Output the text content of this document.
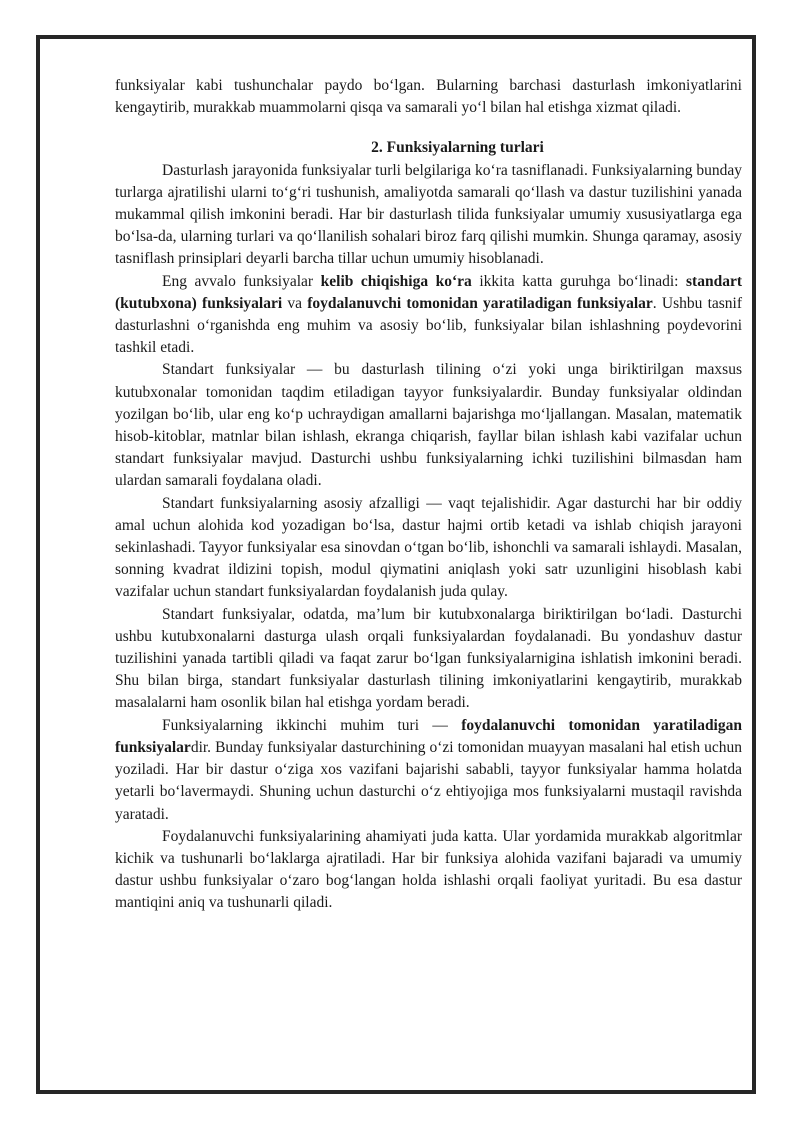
funksiyalar kabi tushunchalar paydo bo‘lgan. Bularning barchasi dasturlash imkoniyatlarini kengaytirib, murakkab muammolarni qisqa va samarali yo‘l bilan hal etishga xizmat qiladi.

2. Funksiyalarning turlari

Dasturlash jarayonida funksiyalar turli belgilariga ko‘ra tasniflanadi. Funksiyalarning bunday turlarga ajratilishi ularni to‘g‘ri tushunish, amaliyotda samarali qo‘llash va dastur tuzilishini yanada mukammal qilish imkonini beradi. Har bir dasturlash tilida funksiyalar umumiy xususiyatlarga ega bo‘lsa-da, ularning turlari va qo‘llanilish sohalari biroz farq qilishi mumkin. Shunga qaramay, asosiy tasniflash prinsiplari deyarli barcha tillar uchun umumiy hisoblanadi.

Eng avvalo funksiyalar kelib chiqishiga ko‘ra ikkita katta guruhga bo‘linadi: standart (kutubxona) funksiyalari va foydalanuvchi tomonidan yaratiladigan funksiyalar. Ushbu tasnif dasturlashni o‘rganishda eng muhim va asosiy bo‘lib, funksiyalar bilan ishlashning poydevorini tashkil etadi.

Standart funksiyalar — bu dasturlash tilining o‘zi yoki unga biriktirilgan maxsus kutubxonalar tomonidan taqdim etiladigan tayyor funksiyalardir. Bunday funksiyalar oldindan yozilgan bo‘lib, ular eng ko‘p uchraydigan amallarni bajarishga mo‘ljallangan. Masalan, matematik hisob-kitoblar, matnlar bilan ishlash, ekranga chiqarish, fayllar bilan ishlash kabi vazifalar uchun standart funksiyalar mavjud. Dasturchi ushbu funksiyalarning ichki tuzilishini bilmasdan ham ulardan samarali foydalana oladi.

Standart funksiyalarning asosiy afzalligi — vaqt tejalishidir. Agar dasturchi har bir oddiy amal uchun alohida kod yozadigan bo‘lsa, dastur hajmi ortib ketadi va ishlab chiqish jarayoni sekinlashadi. Tayyor funksiyalar esa sinovdan o‘tgan bo‘lib, ishonchli va samarali ishlaydi. Masalan, sonning kvadrat ildizini topish, modul qiymatini aniqlash yoki satr uzunligini hisoblash kabi vazifalar uchun standart funksiyalardan foydalanish juda qulay.

Standart funksiyalar, odatda, ma’lum bir kutubxonalarga biriktirilgan bo‘ladi. Dasturchi ushbu kutubxonalarni dasturga ulash orqali funksiyalardan foydalanadi. Bu yondashuv dastur tuzilishini yanada tartibli qiladi va faqat zarur bo‘lgan funksiyalarnigina ishlatish imkonini beradi. Shu bilan birga, standart funksiyalar dasturlash tilining imkoniyatlarini kengaytirib, murakkab masalalarni ham osonlik bilan hal etishga yordam beradi.

Funksiyalarning ikkinchi muhim turi — foydalanuvchi tomonidan yaratiladigan funksiyalardir. Bunday funksiyalar dasturchining o‘zi tomonidan muayyan masalani hal etish uchun yoziladi. Har bir dastur o‘ziga xos vazifani bajarishi sababli, tayyor funksiyalar hamma holatda yetarli bo‘lavermaydi. Shuning uchun dasturchi o‘z ehtiyojiga mos funksiyalarni mustaqil ravishda yaratadi.

Foydalanuvchi funksiyalarining ahamiyati juda katta. Ular yordamida murakkab algoritmlar kichik va tushunarli bo‘laklarga ajratiladi. Har bir funksiya alohida vazifani bajaradi va umumiy dastur ushbu funksiyalar o‘zaro bog‘langan holda ishlashi orqali faoliyat yuritadi. Bu esa dastur mantiqini aniq va tushunarli qiladi.
